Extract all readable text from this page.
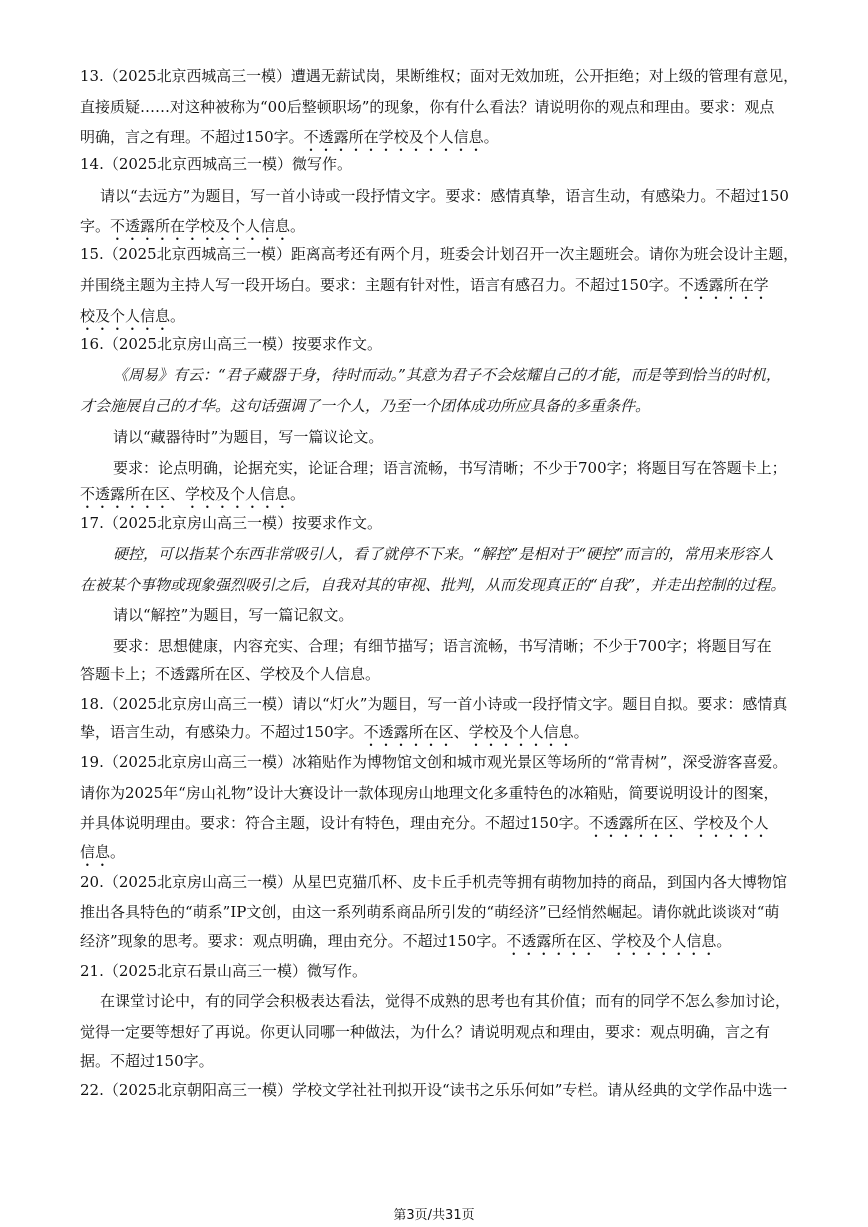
13.（2025北京西城高三一模）遭遇无薪试岗，果断维权；面对无效加班，公开拒绝；对上级的管理有意见，
直接质疑……对这种被称为“00后整顿职场”的现象，你有什么看法？请说明你的观点和理由。要求：观点
明确，言之有理。不超过150字。不透露所在学校及个人信息。
14.（2025北京西城高三一模）微写作。
请以“去远方”为题目，写一首小诗或一段抒情文字。要求：感情真挚，语言生动，有感染力。不超过150
字。不透露所在学校及个人信息。
15.（2025北京西城高三一模）距离高考还有两个月，班委会计划召开一次主题班会。请你为班会设计主题，
并围绕主题为主持人写一段开场白。要求：主题有针对性，语言有感召力。不超过150字。不透露所在学
校及个人信息。
16.（2025北京房山高三一模）按要求作文。
《周易》有云：“君子藏器于身，待时而动。”其意为君子不会炫耀自己的才能，而是等到恰当的时机，
才会施展自己的才华。这句话强调了一个人，乃至一个团体成功所应具备的多重条件。
请以“藏器待时”为题目，写一篇议论文。
要求：论点明确，论据充实，论证合理；语言流畅，书写清晰；不少于700字；将题目写在答题卡上；
不透露所在区、学校及个人信息。
17.（2025北京房山高三一模）按要求作文。
硬控，可以指某个东西非常吸引人，看了就停不下来。“解控”是相对于“硬控”而言的，常用来形容人
在被某个事物或现象强烈吸引之后，自我对其的审视、批判，从而发现真正的“自我”，并走出控制的过程。
请以“解控”为题目，写一篇记叙文。
要求：思想健康，内容充实、合理；有细节描写；语言流畅，书写清晰；不少于700字；将题目写在
答题卡上；不透露所在区、学校及个人信息。
18.（2025北京房山高三一模）请以“灯火”为题目，写一首小诗或一段抒情文字。题目自拟。要求：感情真
挚，语言生动，有感染力。不超过150字。不透露所在区、学校及个人信息。
19.（2025北京房山高三一模）冰箱贴作为博物馆文创和城市观光景区等场所的“常青树”，深受游客喜爱。
请你为2025年“房山礼物”设计大赛设计一款体现房山地理文化多重特色的冰箱贴，简要说明设计的图案，
并具体说明理由。要求：符合主题，设计有特色，理由充分。不超过150字。不透露所在区、学校及个人
信息。
20.（2025北京房山高三一模）从星巴克猫爪杯、皮卡丘手机壳等拥有萌物加持的商品，到国内各大博物馆
推出各具特色的“萌系”IP文创，由这一系列萌系商品所引发的“萌经济”已经悄然崛起。请你就此谈谈对“萌
经济”现象的思考。要求：观点明确，理由充分。不超过150字。不透露所在区、学校及个人信息。
21.（2025北京石景山高三一模）微写作。
在课堂讨论中，有的同学会积极表达看法，觉得不成熟的思考也有其价值；而有的同学不怎么参加讨论，
觉得一定要等想好了再说。你更认同哪一种做法，为什么？请说明观点和理由，要求：观点明确，言之有
据。不超过150字。
22.（2025北京朝阳高三一模）学校文学社社刊拟开设“读书之乐乐何如”专栏。请从经典的文学作品中选一
第3页/共31页
